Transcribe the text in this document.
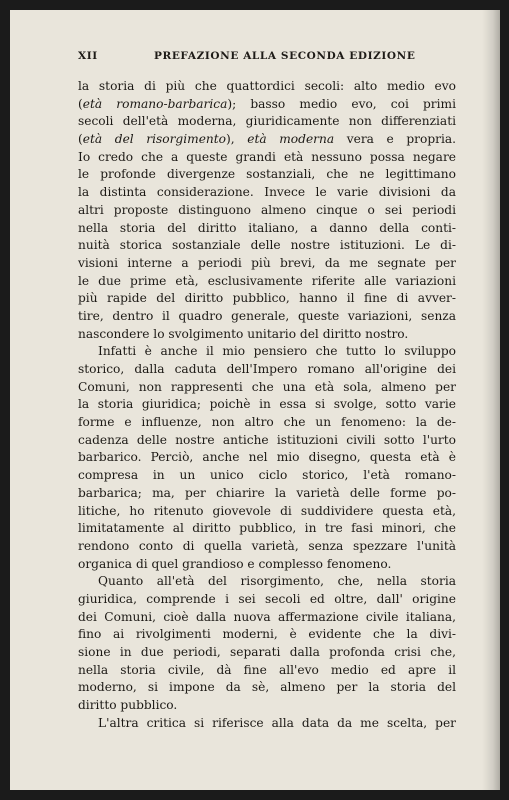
XII	PREFAZIONE ALLA SECONDA EDIZIONE
la storia di più che quattordici secoli: alto medio evo
(età romano-barbarica); basso medio evo, coi primi
secoli dell'età moderna, giuridicamente non differenziati
(età del risorgimento), età moderna vera e propria.
Io credo che a queste grandi età nessuno possa negare
le profonde divergenze sostanziali, che ne legittimano
la distinta considerazione. Invece le varie divisioni da
altri proposte distinguono almeno cinque o sei periodi
nella storia del diritto italiano, a danno della conti-
nuità storica sostanziale delle nostre istituzioni. Le di-
visioni interne a periodi più brevi, da me segnate per
le due prime età, esclusivamente riferite alle variazioni
più rapide del diritto pubblico, hanno il fine di avver-
tire, dentro il quadro generale, queste variazioni, senza
nascondere lo svolgimento unitario del diritto nostro.
Infatti è anche il mio pensiero che tutto lo sviluppo
storico, dalla caduta dell'Impero romano all'origine dei
Comuni, non rappresenti che una età sola, almeno per
la storia giuridica; poichè in essa si svolge, sotto varie
forme e influenze, non altro che un fenomeno: la de-
cadenza delle nostre antiche istituzioni civili sotto l'urto
barbarico. Perciò, anche nel mio disegno, questa età è
compresa in un unico ciclo storico, l'età romano-
barbarica; ma, per chiarire la varietà delle forme po-
litiche, ho ritenuto giovevole di suddividere questa età,
limitatamente al diritto pubblico, in tre fasi minori, che
rendono conto di quella varietà, senza spezzare l'unità
organica di quel grandioso e complesso fenomeno.
Quanto all'età del risorgimento, che, nella storia
giuridica, comprende i sei secoli ed oltre, dall' origine
dei Comuni, cioè dalla nuova affermazione civile italiana,
fino ai rivolgimenti moderni, è evidente che la divi-
sione in due periodi, separati dalla profonda crisi che,
nella storia civile, dà fine all'evo medio ed apre il
moderno, si impone da sè, almeno per la storia del
diritto pubblico.
L'altra critica si riferisce alla data da me scelta, per
